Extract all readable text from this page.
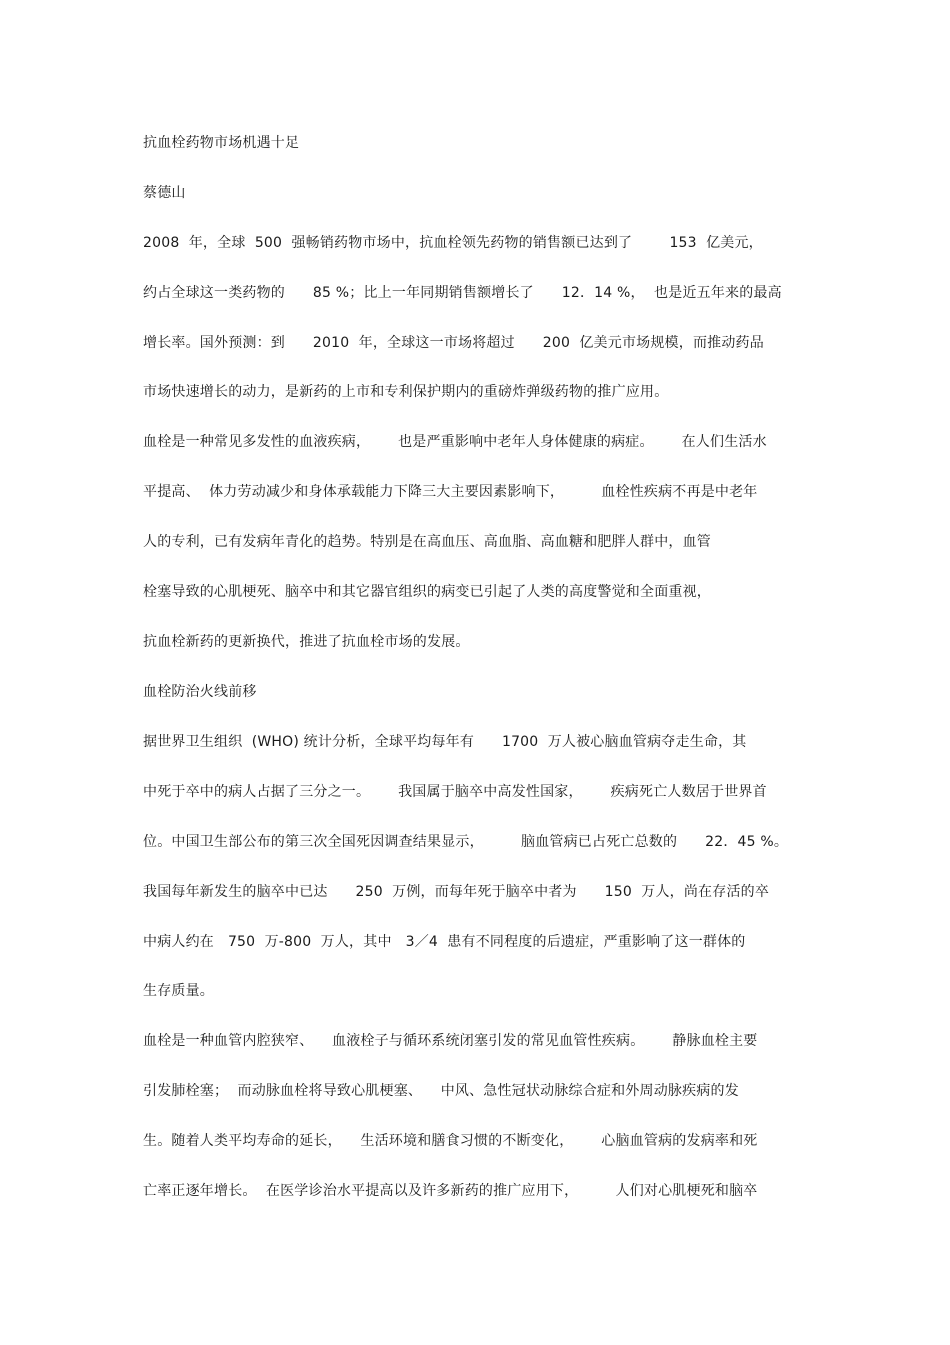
抗血栓药物市场机遇十足
蔡德山
2008  年，全球  500  强畅销药物市场中，抗血栓领先药物的销售额已达到了        153  亿美元，
约占全球这一类药物的      85 %；比上一年同期销售额增长了      12．14 %，  也是近五年来的最高
增长率。国外预测：到      2010  年，全球这一市场将超过      200  亿美元市场规模，而推动药品
市场快速增长的动力，是新药的上市和专利保护期内的重磅炸弹级药物的推广应用。
血栓是一种常见多发性的血液疾病，      也是严重影响中老年人身体健康的病症。      在人们生活水
平提高、  体力劳动减少和身体承载能力下降三大主要因素影响下，        血栓性疾病不再是中老年
人的专利，已有发病年青化的趋势。特别是在高血压、高血脂、高血糖和肥胖人群中，血管
栓塞导致的心肌梗死、脑卒中和其它器官组织的病变已引起了人类的高度警觉和全面重视，
抗血栓新药的更新换代，推进了抗血栓市场的发展。
血栓防治火线前移
据世界卫生组织  (WHO) 统计分析，全球平均每年有      1700  万人被心脑血管病夺走生命，其
中死于卒中的病人占据了三分之一。      我国属于脑卒中高发性国家，      疾病死亡人数居于世界首
位。中国卫生部公布的第三次全国死因调查结果显示，        脑血管病已占死亡总数的      22．45 %。
我国每年新发生的脑卒中已达      250  万例，而每年死于脑卒中者为      150  万人，尚在存活的卒
中病人约在   750  万-800  万人，其中   3／4  患有不同程度的后遗症，严重影响了这一群体的
生存质量。
血栓是一种血管内腔狭窄、    血液栓子与循环系统闭塞引发的常见血管性疾病。      静脉血栓主要
引发肺栓塞；  而动脉血栓将导致心肌梗塞、    中风、急性冠状动脉综合症和外周动脉疾病的发
生。随着人类平均寿命的延长，    生活环境和膳食习惯的不断变化，      心脑血管病的发病率和死
亡率正逐年增长。  在医学诊治水平提高以及许多新药的推广应用下，        人们对心肌梗死和脑卒
